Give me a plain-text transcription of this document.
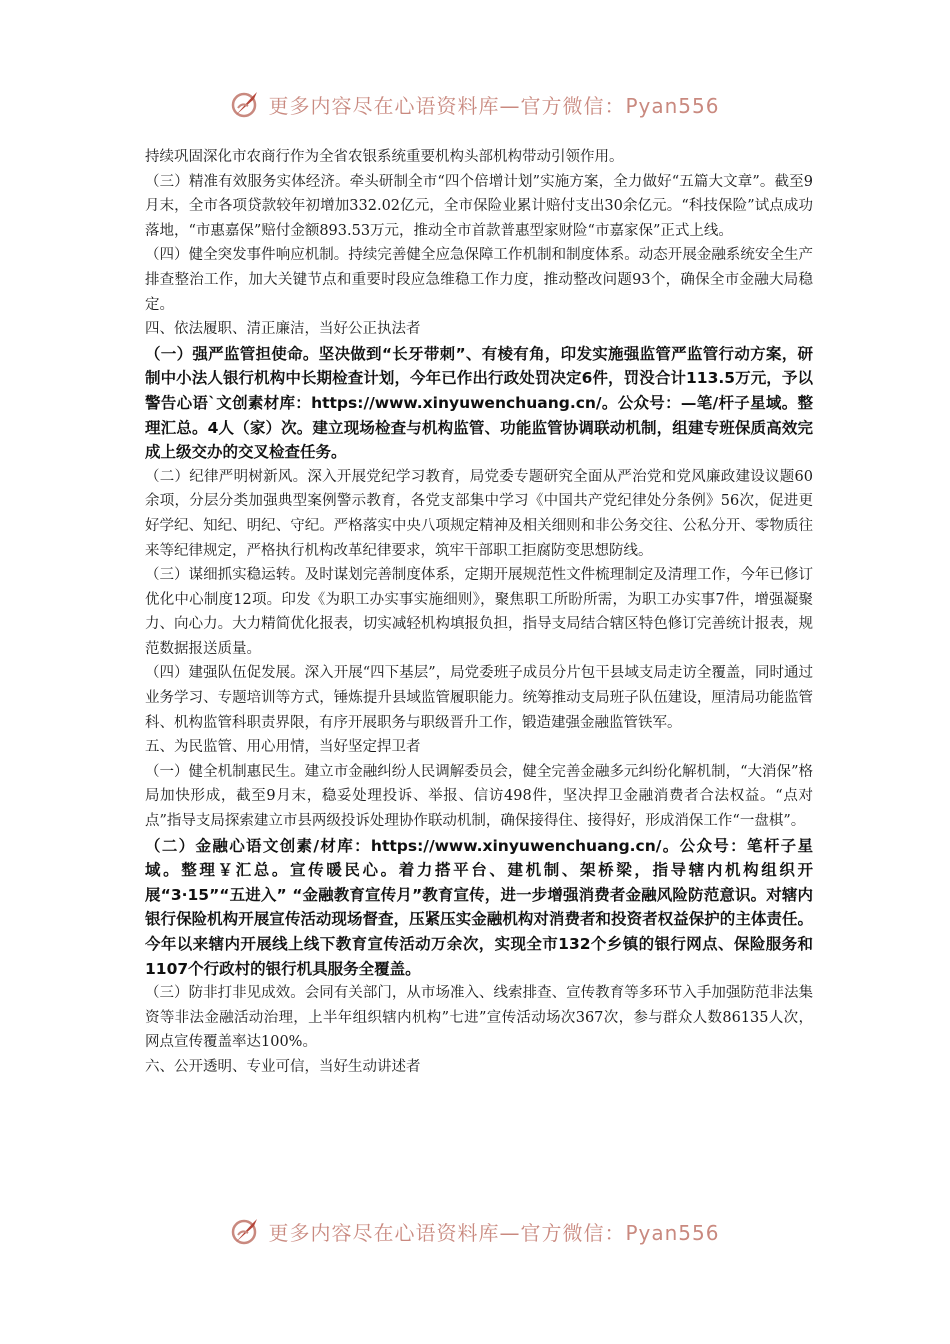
更多内容尽在心语资料库—官方微信：Pyan556

持续巩固深化市农商行作为全省农银系统重要机构头部机构带动引领作用。

（三）精准有效服务实体经济。牵头研制全市“四个倍增计划”实施方案，全力做好“五篇大文章”。截至9月末，全市各项贷款较年初增加332.02亿元，全市保险业累计赔付支出30余亿元。“科技保险”试点成功落地，“市惠嘉保”赔付金额893.53万元，推动全市首款普惠型家财险“市嘉家保”正式上线。

（四）健全突发事件响应机制。持续完善健全应急保障工作机制和制度体系。动态开展金融系统安全生产排查整治工作，加大关键节点和重要时段应急维稳工作力度，推动整改问题93个，确保全市金融大局稳定。

四、依法履职、清正廉洁，当好公正执法者

（一）强严监管担使命。坚决做到“长牙带刺”、有棱有角，印发实施强监管严监管行动方案，研制中小法人银行机构中长期检查计划，今年已作出行政处罚决定6件，罚没合计113.5万元，予以警告心语`文创素材库：https://www.xinyuwenchuang.cn/。公众号：—笔/杆子星域。整理汇总。4人（家）次。建立现场检查与机构监管、功能监管协调联动机制，组建专班保质高效完成上级交办的交叉检查任务。

（二）纪律严明树新风。深入开展党纪学习教育，局党委专题研究全面从严治党和党风廉政建设议题60余项，分层分类加强典型案例警示教育，各党支部集中学习《中国共产党纪律处分条例》56次，促进更好学纪、知纪、明纪、守纪。严格落实中央八项规定精神及相关细则和非公务交往、公私分开、零物质往来等纪律规定，严格执行机构改革纪律要求，筑牢干部职工拒腐防变思想防线。

（三）谋细抓实稳运转。及时谋划完善制度体系，定期开展规范性文件梳理制定及清理工作，今年已修订优化中心制度12项。印发《为职工办实事实施细则》，聚焦职工所盼所需，为职工办实事7件，增强凝聚力、向心力。大力精简优化报表，切实减轻机构填报负担，指导支局结合辖区特色修订完善统计报表，规范数据报送质量。

（四）建强队伍促发展。深入开展“四下基层”，局党委班子成员分片包干县域支局走访全覆盖，同时通过业务学习、专题培训等方式，锤炼提升县域监管履职能力。统筹推动支局班子队伍建设，厘清局功能监管科、机构监管科职责界限，有序开展职务与职级晋升工作，锻造建强金融监管铁军。

五、为民监管、用心用情，当好坚定捍卫者

（一）健全机制惠民生。建立市金融纠纷人民调解委员会，健全完善金融多元纠纷化解机制，“大消保”格局加快形成，截至9月末，稳妥处理投诉、举报、信访498件，坚决捍卫金融消费者合法权益。“点对点”指导支局探索建立市县两级投诉处理协作联动机制，确保接得住、接得好，形成消保工作“一盘棋”。

（二）金融心语文创素/材库：https://www.xinyuwenchuang.cn/。公众号：笔杆子星域。整理￥汇总。宣传暖民心。着力搭平台、建机制、架桥梁，指导辖内机构组织开展“3·15”“五进入” “金融教育宣传月”教育宣传，进一步增强消费者金融风险防范意识。对辖内银行保险机构开展宣传活动现场督查，压紧压实金融机构对消费者和投资者权益保护的主体责任。今年以来辖内开展线上线下教育宣传活动万余次，实现全市132个乡镇的银行网点、保险服务和1107个行政村的银行机具服务全覆盖。

（三）防非打非见成效。会同有关部门，从市场准入、线索排查、宣传教育等多环节入手加强防范非法集资等非法金融活动治理，上半年组织辖内机构”七进”宣传活动场次367次，参与群众人数86135人次，网点宣传覆盖率达100%。

六、公开透明、专业可信，当好生动讲述者

更多内容尽在心语资料库—官方微信：Pyan556
